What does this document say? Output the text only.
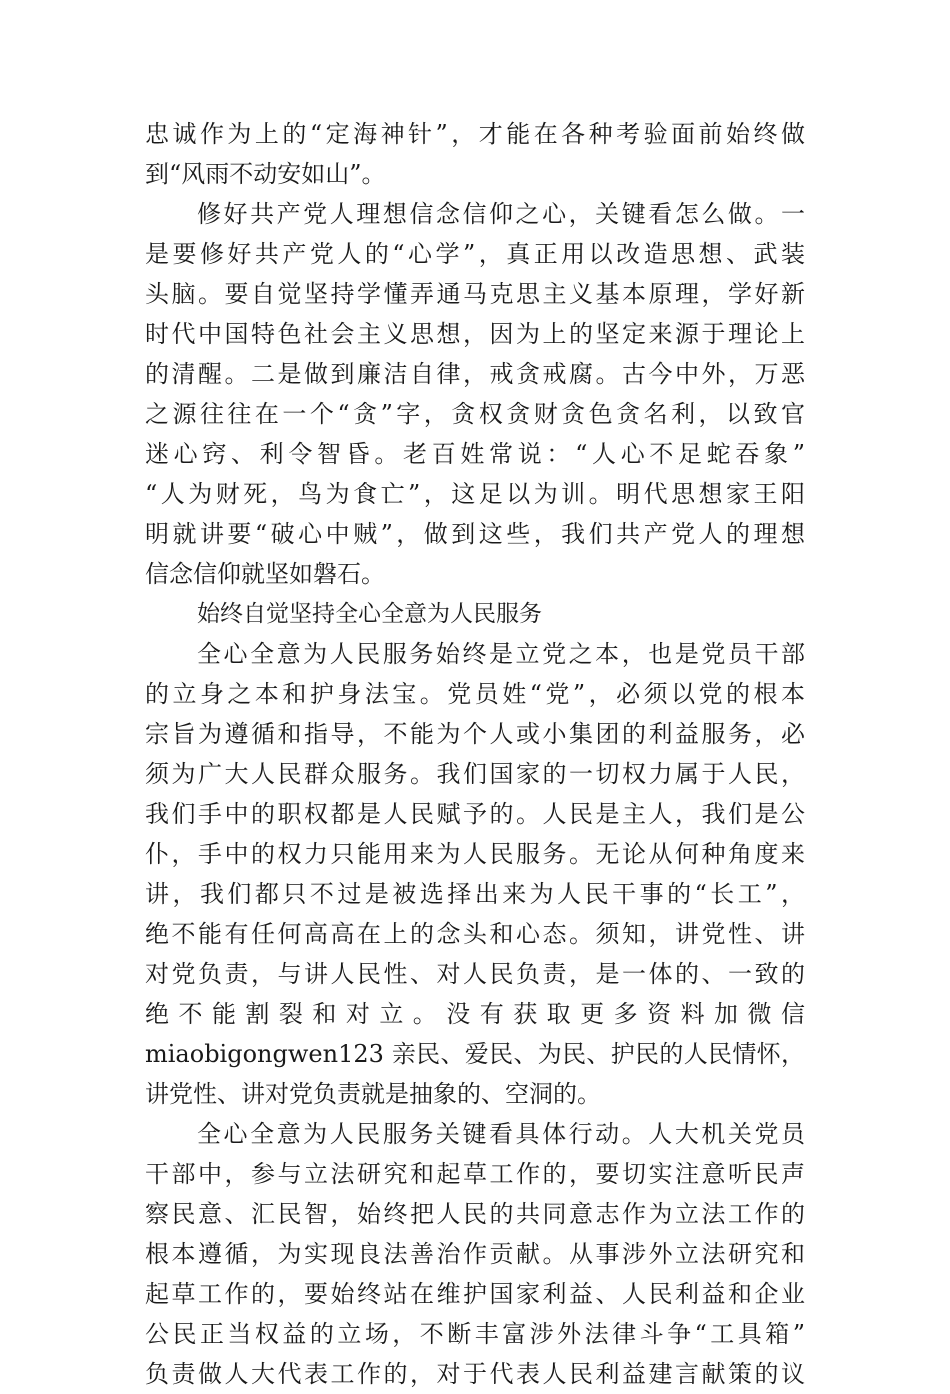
忠诚作为上的“定海神针”，才能在各种考验面前始终做
到“风雨不动安如山”。
修好共产党人理想信念信仰之心，关键看怎么做。一
是要修好共产党人的“心学”，真正用以改造思想、武装
头脑。要自觉坚持学懂弄通马克思主义基本原理，学好新
时代中国特色社会主义思想，因为上的坚定来源于理论上
的清醒。二是做到廉洁自律，戒贪戒腐。古今中外，万恶
之源往往在一个“贪”字，贪权贪财贪色贪名利，以致官
迷心窍、利令智昏。老百姓常说：“人心不足蛇吞象”
“人为财死，鸟为食亡”，这足以为训。明代思想家王阳
明就讲要“破心中贼”，做到这些，我们共产党人的理想
信念信仰就坚如磐石。
始终自觉坚持全心全意为人民服务
全心全意为人民服务始终是立党之本，也是党员干部
的立身之本和护身法宝。党员姓“党”，必须以党的根本
宗旨为遵循和指导，不能为个人或小集团的利益服务，必
须为广大人民群众服务。我们国家的一切权力属于人民，
我们手中的职权都是人民赋予的。人民是主人，我们是公
仆，手中的权力只能用来为人民服务。无论从何种角度来
讲，我们都只不过是被选择出来为人民干事的“长工”，
绝不能有任何高高在上的念头和心态。须知，讲党性、讲
对党负责，与讲人民性、对人民负责，是一体的、一致的
绝 不 能 割 裂 和 对 立 。 没 有 获 取 更 多 资 料 加 微 信
miaobigongwen123 亲民、爱民、为民、护民的人民情怀，
讲党性、讲对党负责就是抽象的、空洞的。
全心全意为人民服务关键看具体行动。人大机关党员
干部中，参与立法研究和起草工作的，要切实注意听民声
察民意、汇民智，始终把人民的共同意志作为立法工作的
根本遵循，为实现良法善治作贡献。从事涉外立法研究和
起草工作的，要始终站在维护国家利益、人民利益和企业
公民正当权益的立场，不断丰富涉外法律斗争“工具箱”
负责做人大代表工作的，对于代表人民利益建言献策的议
